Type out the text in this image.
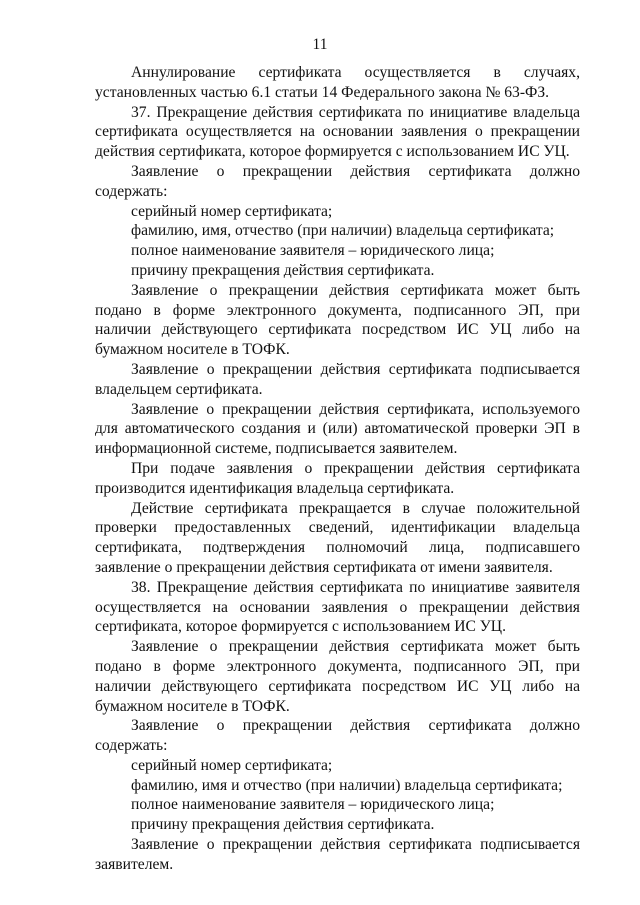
11

Аннулирование сертификата осуществляется в случаях, установленных частью 6.1 статьи 14 Федерального закона № 63-ФЗ.

37. Прекращение действия сертификата по инициативе владельца сертификата осуществляется на основании заявления о прекращении действия сертификата, которое формируется с использованием ИС УЦ.

Заявление о прекращении действия сертификата должно содержать:

серийный номер сертификата;

фамилию, имя, отчество (при наличии) владельца сертификата;

полное наименование заявителя – юридического лица;

причину прекращения действия сертификата.

Заявление о прекращении действия сертификата может быть подано в форме электронного документа, подписанного ЭП, при наличии действующего сертификата посредством ИС УЦ либо на бумажном носителе в ТОФК.

Заявление о прекращении действия сертификата подписывается владельцем сертификата.

Заявление о прекращении действия сертификата, используемого для автоматического создания и (или) автоматической проверки ЭП в информационной системе, подписывается заявителем.

При подаче заявления о прекращении действия сертификата производится идентификация владельца сертификата.

Действие сертификата прекращается в случае положительной проверки предоставленных сведений, идентификации владельца сертификата, подтверждения полномочий лица, подписавшего заявление о прекращении действия сертификата от имени заявителя.

38. Прекращение действия сертификата по инициативе заявителя осуществляется на основании заявления о прекращении действия сертификата, которое формируется с использованием ИС УЦ.

Заявление о прекращении действия сертификата может быть подано в форме электронного документа, подписанного ЭП, при наличии действующего сертификата посредством ИС УЦ либо на бумажном носителе в ТОФК.

Заявление о прекращении действия сертификата должно содержать:

серийный номер сертификата;

фамилию, имя и отчество (при наличии) владельца сертификата;

полное наименование заявителя – юридического лица;

причину прекращения действия сертификата.

Заявление о прекращении действия сертификата подписывается заявителем.
